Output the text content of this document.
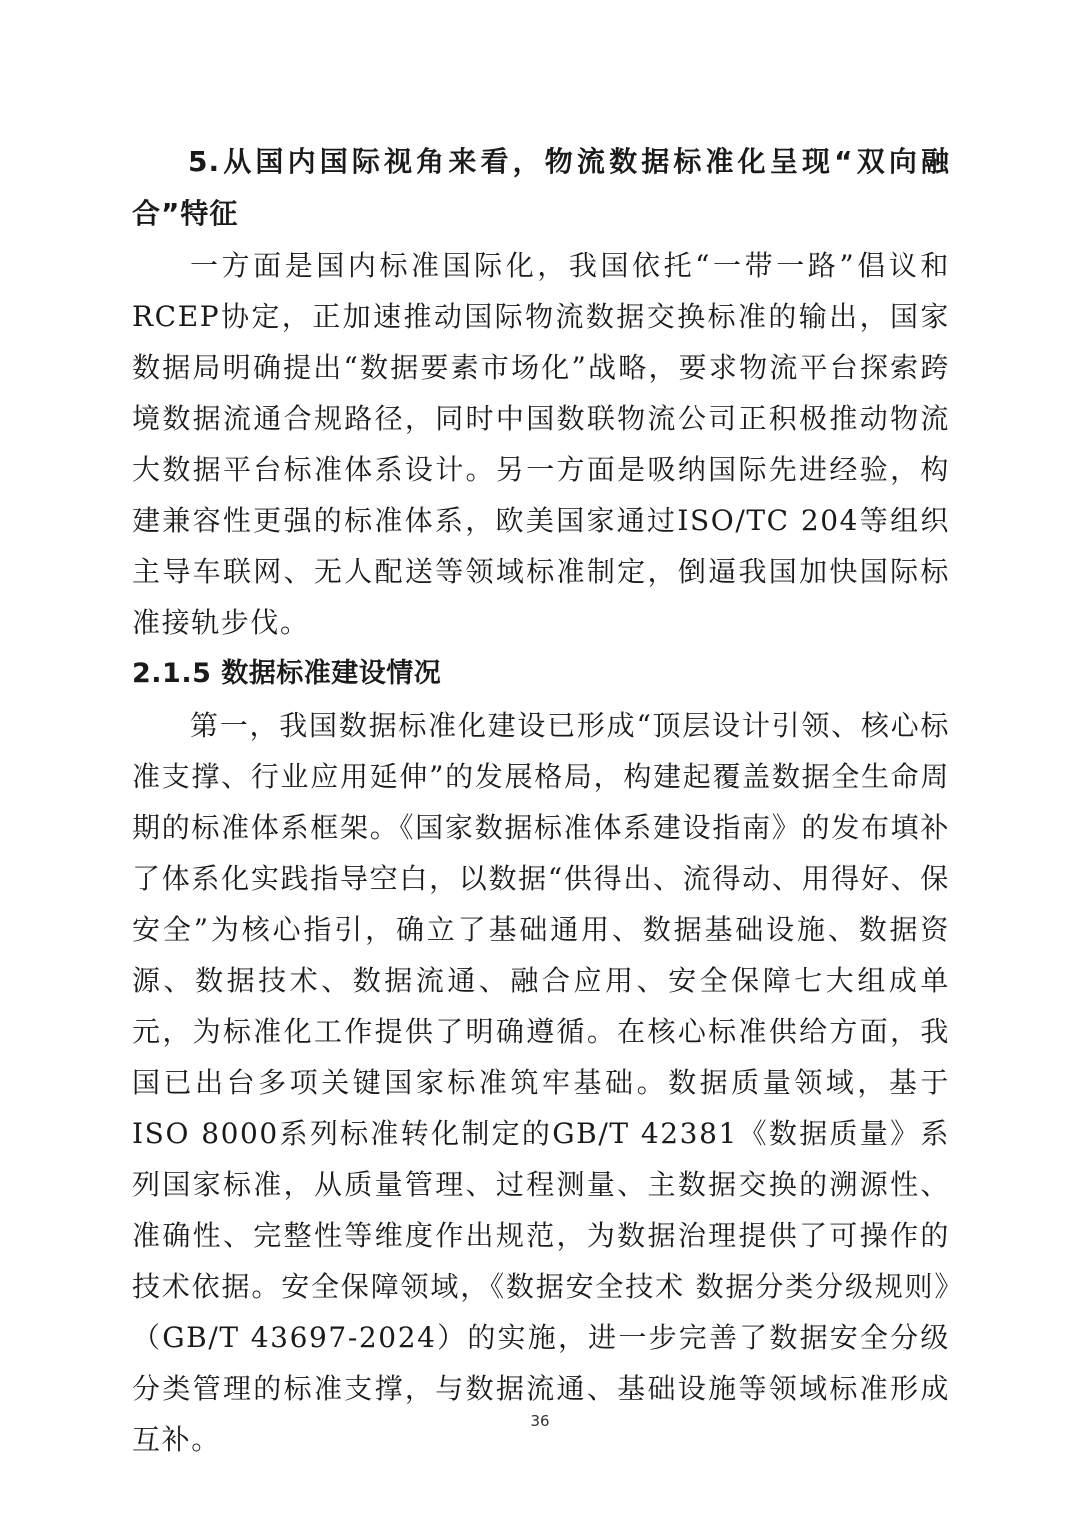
5.从国内国际视角来看，物流数据标准化呈现“双向融合”特征

一方面是国内标准国际化，我国依托“一带一路”倡议和RCEP协定，正加速推动国际物流数据交换标准的输出，国家数据局明确提出“数据要素市场化”战略，要求物流平台探索跨境数据流通合规路径，同时中国数联物流公司正积极推动物流大数据平台标准体系设计。另一方面是吸纳国际先进经验，构建兼容性更强的标准体系，欧美国家通过ISO/TC 204等组织主导车联网、无人配送等领域标准制定，倒逼我国加快国际标准接轨步伐。

2.1.5 数据标准建设情况

第一，我国数据标准化建设已形成“顶层设计引领、核心标准支撑、行业应用延伸”的发展格局，构建起覆盖数据全生命周期的标准体系框架。《国家数据标准体系建设指南》的发布填补了体系化实践指导空白，以数据“供得出、流得动、用得好、保安全”为核心指引，确立了基础通用、数据基础设施、数据资源、数据技术、数据流通、融合应用、安全保障七大组成单元，为标准化工作提供了明确遵循。在核心标准供给方面，我国已出台多项关键国家标准筑牢基础。数据质量领域，基于ISO 8000系列标准转化制定的GB/T 42381《数据质量》系列国家标准，从质量管理、过程测量、主数据交换的溯源性、准确性、完整性等维度作出规范，为数据治理提供了可操作的技术依据。安全保障领域，《数据安全技术 数据分类分级规则》（GB/T 43697-2024）的实施，进一步完善了数据安全分级分类管理的标准支撑，与数据流通、基础设施等领域标准形成互补。

36
